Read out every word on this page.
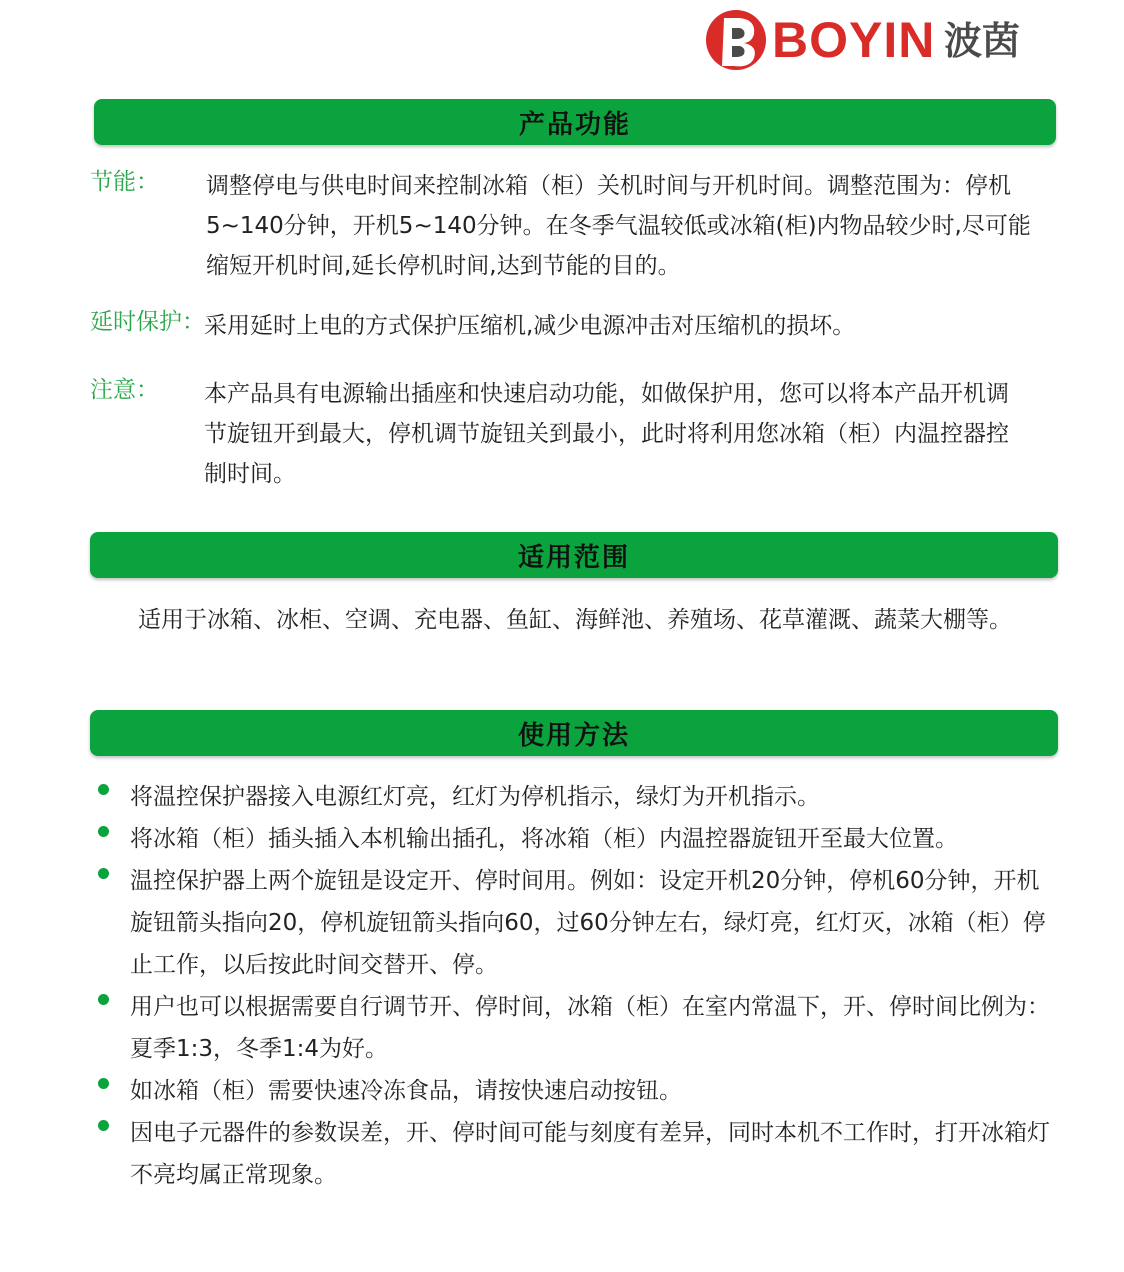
BOYIN 波茵
产品功能
节能： 调整停电与供电时间来控制冰箱（柜）关机时间与开机时间。调整范围为：停机5~140分钟，开机5~140分钟。在冬季气温较低或冰箱(柜)内物品较少时,尽可能缩短开机时间,延长停机时间,达到节能的目的。
延时保护： 采用延时上电的方式保护压缩机,减少电源冲击对压缩机的损坏。
注意： 本产品具有电源输出插座和快速启动功能，如做保护用，您可以将本产品开机调节旋钮开到最大，停机调节旋钮关到最小，此时将利用您冰箱（柜）内温控器控制时间。
适用范围
适用于冰箱、冰柜、空调、充电器、鱼缸、海鲜池、养殖场、花草灌溉、蔬菜大棚等。
使用方法
将温控保护器接入电源红灯亮，红灯为停机指示，绿灯为开机指示。
将冰箱（柜）插头插入本机输出插孔，将冰箱（柜）内温控器旋钮开至最大位置。
温控保护器上两个旋钮是设定开、停时间用。例如：设定开机20分钟，停机60分钟，开机旋钮箭头指向20，停机旋钮箭头指向60，过60分钟左右，绿灯亮，红灯灭，冰箱（柜）停止工作，以后按此时间交替开、停。
用户也可以根据需要自行调节开、停时间，冰箱（柜）在室内常温下，开、停时间比例为：夏季1:3，冬季1:4为好。
如冰箱（柜）需要快速冷冻食品，请按快速启动按钮。
因电子元器件的参数误差，开、停时间可能与刻度有差异，同时本机不工作时，打开冰箱灯不亮均属正常现象。
